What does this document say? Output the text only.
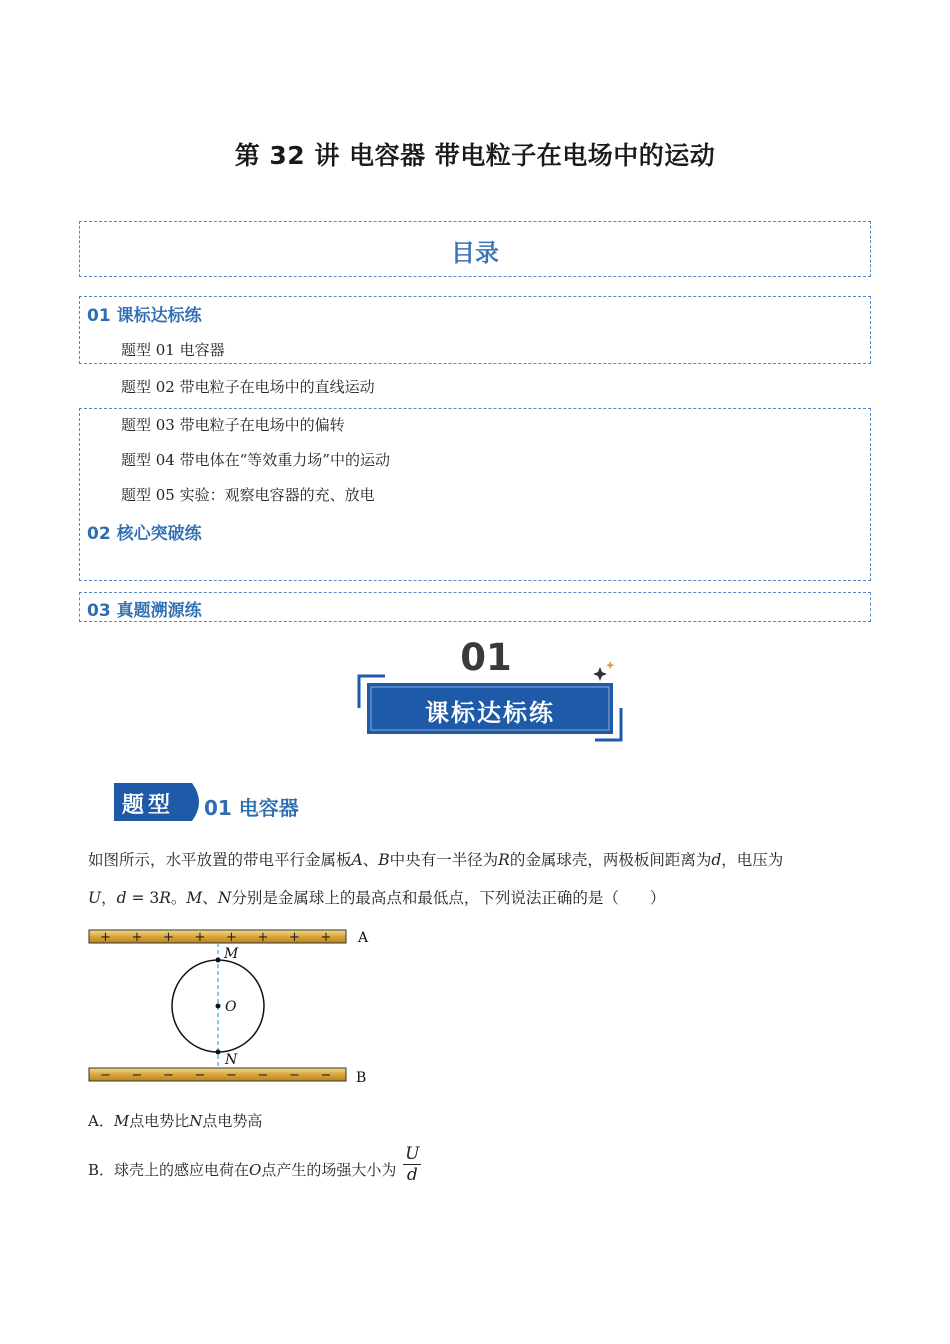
第 32 讲 电容器 带电粒子在电场中的运动
目录
01 课标达标练
题型 01 电容器
题型 02 带电粒子在电场中的直线运动
题型 03 带电粒子在电场中的偏转
题型 04 带电体在“等效重力场”中的运动
题型 05 实验：观察电容器的充、放电
02 核心突破练
03 真题溯源练
01
课标达标练
题型 01 电容器
如图所示，水平放置的带电平行金属板A、B中央有一半径为R的金属球壳，两极板间距离为d，电压为
U，d = 3R。M、N分别是金属球上的最高点和最低点，下列说法正确的是（　　）
A
B
M
O
N
+ + + + + + + +
− − − − − − − −
A．M点电势比N点电势高
B．球壳上的感应电荷在O点产生的场强大小为 $\frac{U}{d}$
